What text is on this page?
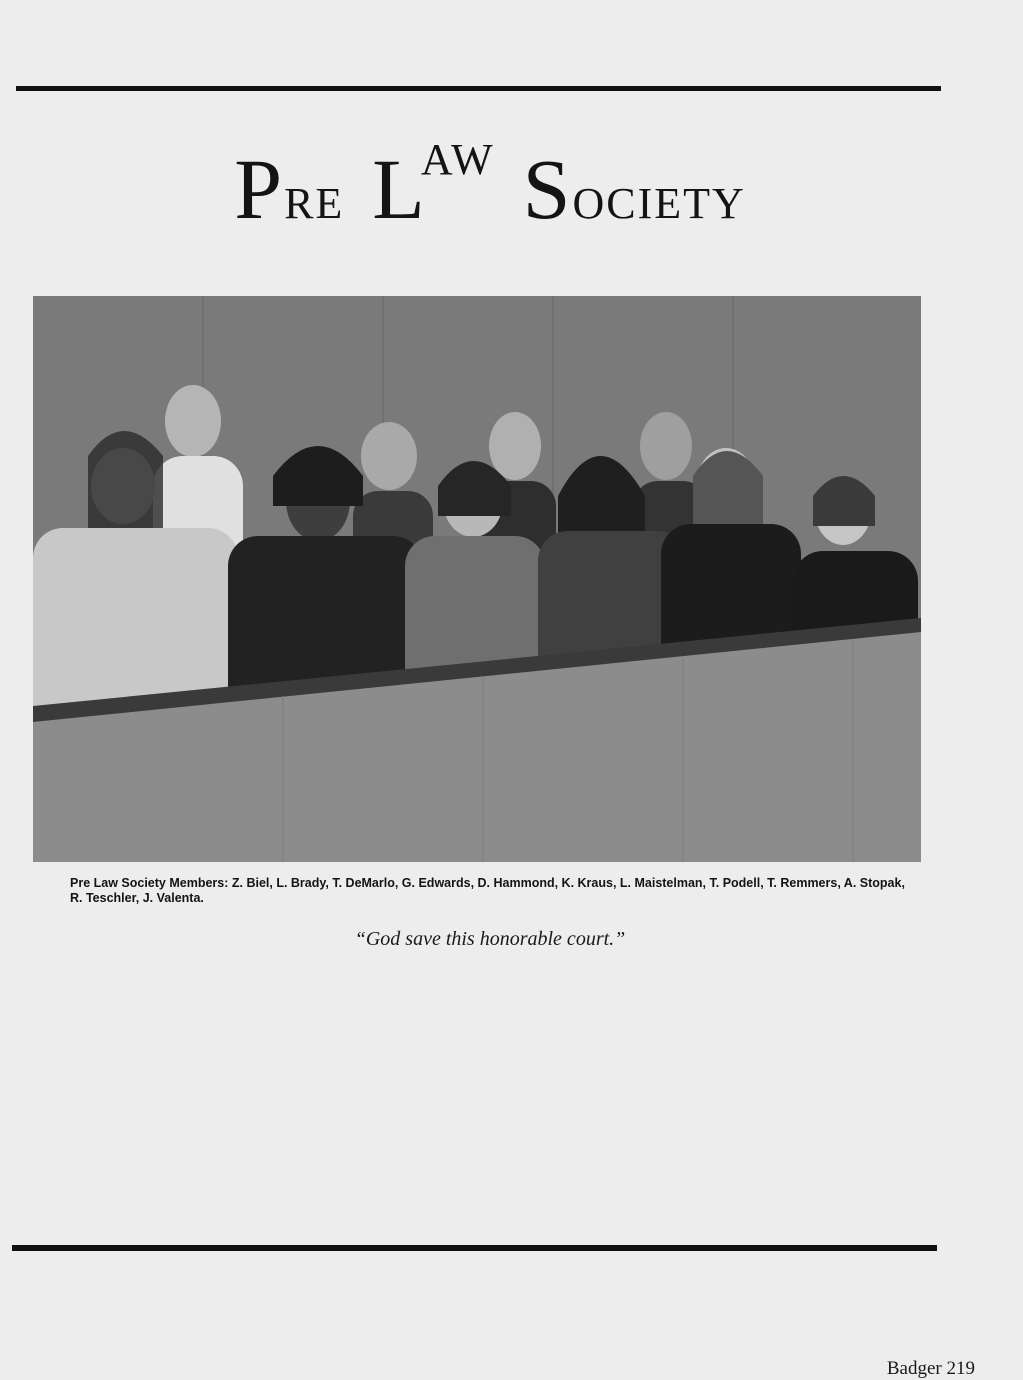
PRE LAW SOCIETY
Pre Law Society Members: Z. Biel, L. Brady, T. DeMarlo, G. Edwards, D. Hammond, K. Kraus, L. Maistelman, T. Podell, T. Remmers, A. Stopak, R. Teschler, J. Valenta.
“God save this honorable court.”
Badger 219
